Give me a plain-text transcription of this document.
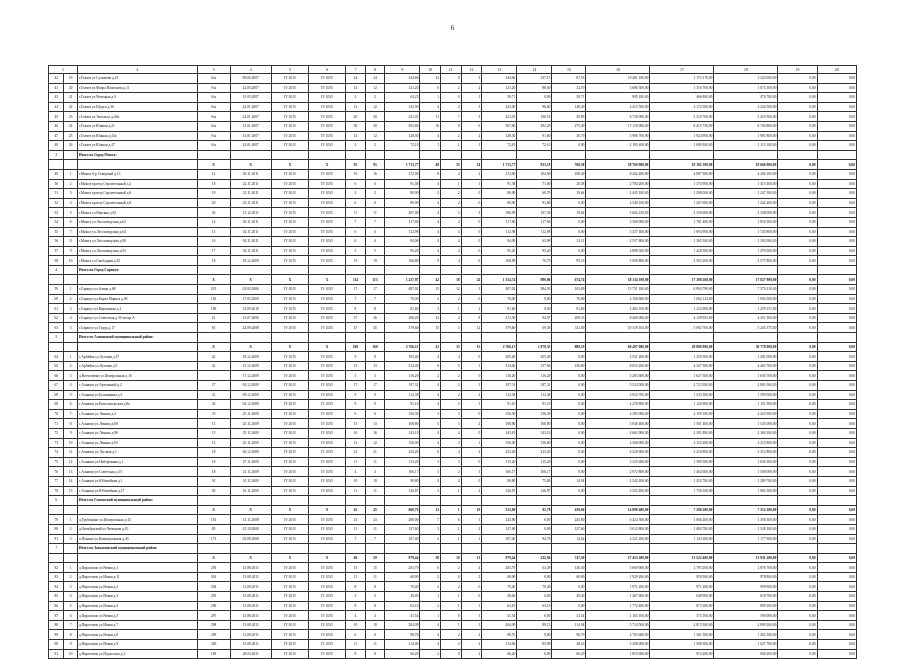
6
1		2	3	4	5	6	7	8	9	10	11	12	13	14	15	16	17	18	19	20
42	19	г.Глазов ул.Сулимова д.23	б/н	08.05.2007	IV 2015	IV 2015	24	24	344,66	12	0	3	344,66	257,13	87,53	10 481 100,00	1 173 170,00	3 223 000,00	0,00	0,00
41	20	г.Глазов ул.Флора Васильева д.11	б/н	22.05.2007	IV 2015	IV 2015	12	12	121,20	6	2	2	121,20	88,50	32,70	3 686 500,00	1 316 700,00	1 073 100,00	0,00	0,00
43	21	г.Глазов ул.Чепецкая д.9	б/н	31.05.2007	IV 2015	IV 2015	2	2	63,23	1	0	1	58,71	0,00	58,71	995 100,00	466 800,00	476 700,00	0,00	0,00
44	22	г.Глазов ул.Щорса д.36	б/н	24.01.2007	IV 2015	IV 2015	12	12	145,00	4	5	3	245,00	96,60	148,40	4 415 500,00	2 172 500,00	2 224 500,00	0,00	0,00
45	23	г.Глазов ул.Энгельса д.26а	б/н	24.01.2007	IV 2015	IV 2015	20	20	221,01	11	7	3	221,01	190,16	30,85	6 730 000,00	3 310 700,00	3 419 300,00	0,00	0,00
46	24	г.Глазов ул.Южная д.21	б/н	31.01.2007	IV 2015	IV 2015	30	30	563,60	16	8	6	567,60	292,20	275,40	17 110 000,00	8 415 750,00	8 704 800,00	0,00	0,00
47	25	г.Глазов ул.Южная д.43а	б/н	31.01.2007	IV 2015	IV 2015	12	12	128,30	4	2	2	128,30	91,60	36,70	3 906 700,00	1 924 900,00	1 981 800,00	0,00	0,00
48	26	г.Глазов ул.Южная д.47	б/н	24.01.2007	IV 2015	IV 2015	2	2	72,10	1	1	1	72,10	72,10	0,00	2 195 400,00	1 080 300,00	1 115 100,00	0,00	0,00
2		Итого по Город Можга:																		
			X	X	X	X	95	95	1 713,77	49	35	14	1 713,77	953,19	760,58	38 760 900,00	19 182 100,00	19 666 900,00	0,00	0,00
49	1	г.Можга б-р Северный д.13	12	02.11.2011	IV 2015	IV 2015	16	16	272,00	8	4	2	272,00	164,60	108,40	8 262 400,00	4 087 300,00	4 206 100,00	0,00	0,00
50	2	г.Можга проезд Строительный д.2	18	22.11.2011	IV 2015	IV 2015	6	6	91,38	4	1	1	91,38	71,00	20,38	2 784 200,00	1 374 900,00	1 415 400,00	0,00	0,00
51	3	г.Можга проезд Строительный д.6	19	23.11.2011	IV 2015	IV 2015	2	2	80,90	2	2	0	80,90	60,70	19,64	2 445 100,00	1 208 000,00	1 247 300,00	0,00	0,00
52	4	г.Можга проезд Строительный д.8	20	23.11.2011	IV 2015	IV 2015	6	6	80,90	4	2	0	80,90	91,60	0,00	2 540 100,00	1 267 600,00	1 442 400,00	0,00	0,00
53	5	г.Можга ул.Вертяна д.62	26	13.12.2011	IV 2015	IV 2015	11	11	207,00	4	3	3	186,09	197,36	19,64	5 602 230,00	2 330 600,00	2 338 000,00	0,00	0,00
54	6	г.Можга ул.Лесозаводская д.62	14	02.11.2011	IV 2015	IV 2015	7	7	117,60	4	4	0	117,60	117,60	0,00	3 568 900,00	1 761 400,00	1 816 300,00	0,00	0,00
55	7	г.Можга ул.Лесозаводская д.64	13	02.11.2011	IV 2015	IV 2015	6	6	112,98	4	4	0	112,98	112,98	0,00	3 437 400,00	1 693 900,00	1 745 800,00	0,00	0,00
56	8	г.Можга ул.Лесозаводская д.90	16	02.11.2011	IV 2015	IV 2015	6	6	84,06	4	4	0	84,09	63,98	21,11	2 557 800,00	1 265 300,00	1 292 000,00	0,00	0,00
57	9	г.Можга ул.Лесозаводская д.93	17	02.11.2011	IV 2015	IV 2015	5	5	95,20	4	4	0	95,20	95,20	0,00	2 898 300,00	1 428 300,00	1 470 000,00	0,00	0,00
58	10	г.Можга ул.Свободная д.25	18	18.12.2009	IV 2015	IV 2015	19	19	166,89	9	4	6	168,89	76,79	95,16	5 000 800,00	2 503 200,00	2 577 800,00	0,00	0,00
4		Итого по Город Сарапул:																		
			X	X	X	X	114	113	1 237,97	42	18	22	1 554,74	980,06	674,74	38 134 100,00	17 308 200,00	17 827 900,00	0,00	0,00
59	1	г.Сарапул ул.Азина д.68	219	02.02.2006	IV 2015	IV 2015	17	17	487,02	15	12	3	487,02	384,93	102,09	13 751 100,00	6 904 790,00	7 370 210,00	0,00	0,00
60	2	г.Сарапул ул.Карла Маркса д.90	165	27.05.2009	IV 2015	IV 2015	7	7	76,00	2	2	0	76,00	0,00	76,00	2 156 600,00	1 062 124,00	1 094 500,00	0,00	0,00
61	3	г.Сарапул ул.Кирпичная д.2	186	14.09.2010	IV 2015	IV 2015	8	8	81,60	3	1	2	81,60	0,00	81,60	2 482 100,00	1 232 900,00	1 259 151,00	0,00	0,00
62	4	г.Сарапул ул.Советская д.30 литер А	21	12.07.2006	IV 2015	IV 2015	37	36	296,20	12	4	8	272,30	94,97	208,33	8 460 000,00	4 129 953,00	4 251 300,00	0,00	0,00
63	5	г.Сарапул ул.Труда д.17	81	24.09.2008	IV 2015	IV 2015	47	45	379,60	15	3	12	379,60	69,36	311,00	10 319 163,00	5 092 700,00	5 243 375,00	0,00	0,00
5		Итого по Алнашский муниципальный район:																		
			X	X	X	X	160	160	2 766,15	41	33	15	2 766,15	1 878,35	888,19	60 497 000,00	29 806 900,00	30 778 000,00	0,00	0,00
64	1	с.Арбайка ул.Луговая д.37	42	18.12.2009	IV 2015	IV 2015	9	9	183,40	4	4	0	205,40	205,40	0,00	2 531 200,00	1 250 300,00	1 281 000,00	0,00	0,00
65	2	с.Арбайка ул.Луговая д.9	42	15.12.2009	IV 2015	IV 2015	13	13	314,40	6	5	1	314,40	157,60	156,80	8 053 200,00	4 327 300,00	4 463 700,00	0,00	0,00
66	3	д.Вотчелевки ул.Центральная д.16		17.12.2009	IV 2015	IV 2015	3	3	116,20	2	2	0	116,20	116,20	0,00	5 203 600,00	1 627 300,00	1 656 700,00	0,00	0,00
67	4	с.Алнаши ул.Артельный д.2	27	02.12.2009	IV 2015	IV 2015	17	17	197,31	4	3	1	197,31	197,31	0,00	5 524 500,00	2 723 300,00	2 801 000,00	0,00	0,00
68	5	с.Алнаши ул.Бушмакина д.5	31	09.12.2009	IV 2015	IV 2015	9	9	112,38	4	2	2	112,38	112,38	0,00	3 052 700,00	1 533 300,00	1 599 000,00	0,00	0,00
69	6	с.Алнаши ул.Комсомольская д.8а	34	02.12.2009	IV 2015	IV 2015	9	9	91,10	4	3	1	91,10	91,10	0,00	2 278 800,00	1 126 900,00	1 151 900,00	0,00	0,00
70	7	с.Алнаши ул.Ленина д.2	35	25.11.2009	IV 2015	IV 2015	6	6	156,30	3	3	0	156,30	156,30	0,00	4 383 000,00	2 159 100,00	2 223 900,00	0,00	0,00
71	8	с.Алнаши ул.Ленина д.68	13	25.11.2009	IV 2015	IV 2015	13	13	108,80	5	3	2	108,80	108,80	0,00	3 046 400,00	1 501 400,00	1 545 000,00	0,00	0,00
72	9	с.Алнаши ул.Ленина д.86	13	25.11.2009	IV 2015	IV 2015	16	16	143,10	4	4	0	143,10	143,10	0,00	4 662 900,00	2 301 800,00	2 360 100,00	0,00	0,00
73	10	с.Алнаши ул.Ленина д.93	13	25.11.2009	IV 2015	IV 2015	12	12	156,00	4	3	1	156,00	156,00	0,00	4 368 000,00	2 152 200,00	2 215 800,00	0,00	0,00
74	11	с.Алнаши ул.Луговая д.1	18	06.12.2009	IV 2015	IV 2015	21	21	233,20	6	4	2	233,20	233,20	0,00	6 529 600,00	3 216 800,00	3 312 800,00	0,00	0,00
75	12	с.Алнаши ул.Набережная д.1	18	27.11.2009	IV 2015	IV 2015	11	11	115,20	3	3	0	115,20	115,20	0,00	3 225 600,00	1 589 300,00	1 636 300,00	0,00	0,00
76	13	с.Алнаши ул.Советская д.15	18	21.11.2009	IV 2015	IV 2015	4	4	106,17	3	2	1	106,17	106,17	0,00	2 972 800,00	1 464 500,00	1 508 000,00	0,00	0,00
77	14	с.Алнаши ул.Юбилейная д.1	91	10.11.2009	IV 2015	IV 2015	10	10	90,80	4	4	0	90,80	75,86	14,94	2 542 400,00	1 252 700,00	1 289 700,00	0,00	0,00
78	15	с.Алнаши ул.Юбилейная д.17	92	16.11.2009	IV 2015	IV 2015	11	11	126,87	3	1	2	126,87	126,87	0,00	3 552 400,00	1 750 100,00	1 802 300,00	0,00	0,00
6		Итого по Глазовский муниципальный район:																		
			X	X	X	X	45	45	660,70	12	1	10	532,00	92,78	439,66	14 898 400,00	7 296 200,00	7 512 200,00	0,00	0,00
79	1	д.Трубицино ул.Центральная д.43	181	13.11.2008	IV 2015	IV 2015	23	23	280,00	7	6	1	245,80	0,00	245,80	6 424 500,00	3 066 200,00	3 358 300,00	0,00	0,00
80	2	д.Октябрьский ул.Чепецкая д.10	85	25.10.2008	IV 2015	IV 2015	11	11	127,60	3	1	2	127,60	0,00	127,60	3 012 800,00	1 484 700,00	1 528 100,00	0,00	0,00
81	3	п.Понино ул.Коммунальная д.43	173	02.09.2008	IV 2015	IV 2015	7	7	107,40	2	1	1	107,40	92,78	14,62	2 321 200,00	1 143 300,00	1 177 900,00	0,00	0,00
7		Итого по Завьяловский муниципальный район:																		
			X	X	X	X	60	59	979,44	28	10	13	979,44	222,94	747,50	27 453 200,00	13 522 400,00	13 931 200,00	0,00	0,00
82	1	д.Пироговок ул.Новая д.1	293	13.08.2011	IV 2015	IV 2015	15	15	203,79	6	2	4	203,79	63,49	140,30	5 669 900,00	2 793 200,00	2 876 700,00	0,00	0,00
83	2	д.Пироговок ул.Новая д.11	301	13.08.2011	IV 2015	IV 2015	11	11	68,90	2	0	2	68,90	0,00	68,90	1 929 200,00	950 500,00	978 800,00	0,00	0,00
84	3	д.Пироговок ул.Новая д.2	294	13.08.2011	IV 2015	IV 2015	8	8	70,40	2	2	0	70,40	70,40	0,00	1 971 200,00	971 200,00	999 900,00	0,00	0,00
85	4	д.Пироговок ул.Новая д.3	295	13.08.2011	IV 2015	IV 2015	3	3	49,40	1	1	0	49,40	0,00	49,40	1 267 600,00	648 900,00	618 700,00	0,00	0,00
86	5	д.Пироговок ул.Новая д.4	296	13.08.2011	IV 2015	IV 2015	8	8	63,10	2	1	1	63,10	63,10	0,00	1 772 400,00	873 300,00	899 100,00	0,00	0,00
87	6	д.Пироговок ул.Новая д.5	297	13.08.2011	IV 2015	IV 2015	4	4	41,54	1	0	1	41,54	0,00	41,54	1 163 100,00	573 100,00	590 000,00	0,00	0,00
88	7	д.Пироговок ул.Новая д.7	298	13.08.2011	IV 2015	IV 2015	10	10	204,09	4	1	3	204,09	89,15	114,94	5 714 500,00	2 815 300,00	2 899 200,00	0,00	0,00
89	8	д.Пироговок ул.Новая д.8	299	13.08.2011	IV 2015	IV 2015	6	6	98,70	4	2	2	98,70	0,00	98,70	2 763 600,00	1 361 500,00	1 402 100,00	0,00	0,00
90	9	д.Пироговок ул.Новая д.9	300	13.08.2011	IV 2015	IV 2015	11	11	114,06	4	2	2	114,06	85,90	28,16	3 208 000,00	1 580 300,00	1 627 700,00	0,00	0,00
91	10	д.Пироговок ул.Подлесная д.2	183	28.03.2011	IV 2015	IV 2015	8	8	66,20	2	0	2	66,20	0,00	66,20	1 853 600,00	913 200,00	940 200,00	0,00	0,00
